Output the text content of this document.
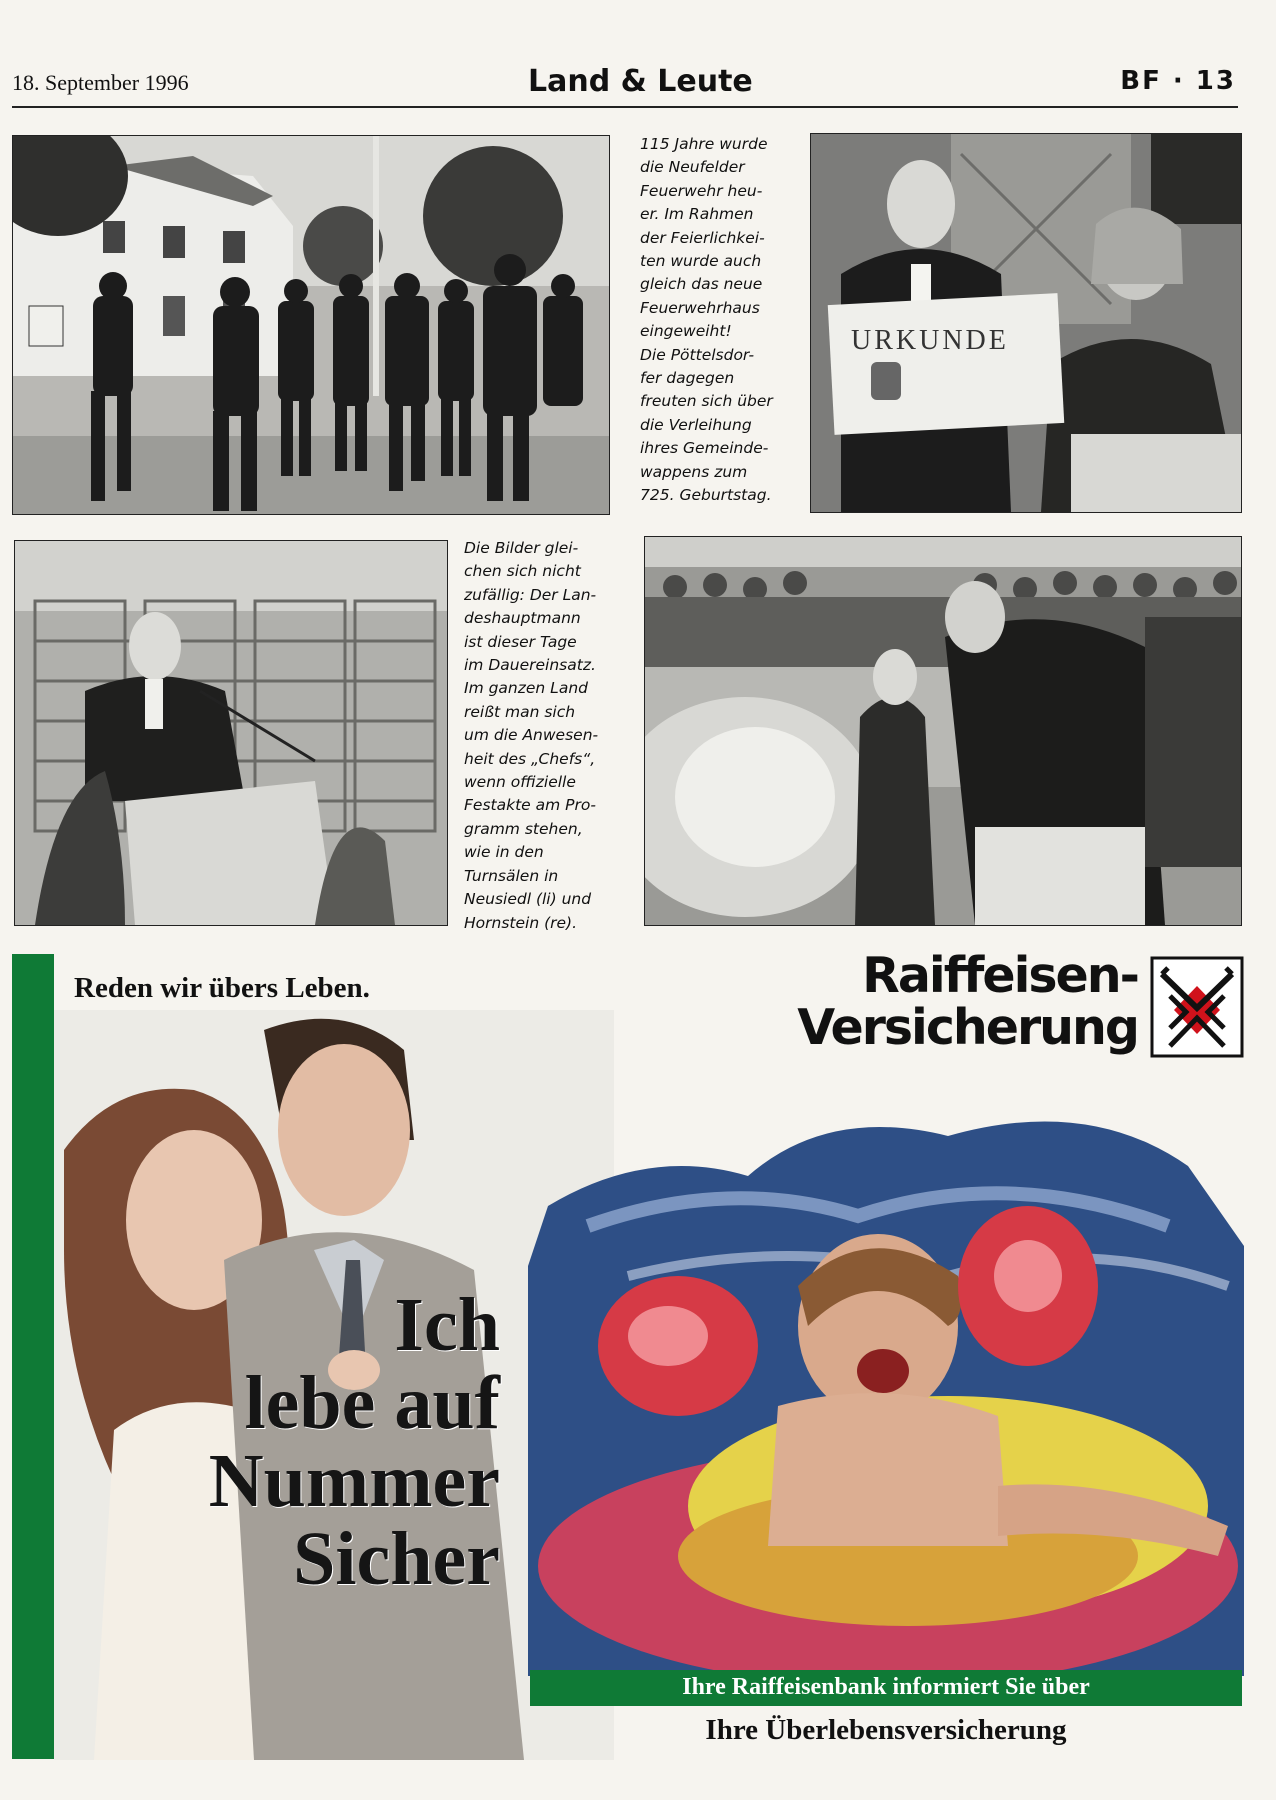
18. September 1996	Land & Leute	BF · 13
115 Jahre wurde
die Neufelder
Feuerwehr heu-
er. Im Rahmen
der Feierlichkei-
ten wurde auch
gleich das neue
Feuerwehrhaus
eingeweiht!
Die Pöttelsdor-
fer dagegen
freuten sich über
die Verleihung
ihres Gemeinde-
wappens zum
725. Geburtstag.
URKUNDE
Die Bilder glei-
chen sich nicht
zufällig: Der Lan-
deshauptmann
ist dieser Tage
im Dauereinsatz.
Im ganzen Land
reißt man sich
um die Anwesen-
heit des „Chefs“,
wenn offizielle
Festakte am Pro-
gramm stehen,
wie in den
Turnsälen in
Neusiedl (li) und
Hornstein (re).
Reden wir übers Leben.	Raiffeisen-
Versicherung
Ich
lebe auf
Nummer
Sicher
Ihre Raiffeisenbank informiert Sie über
Ihre Überlebensversicherung
